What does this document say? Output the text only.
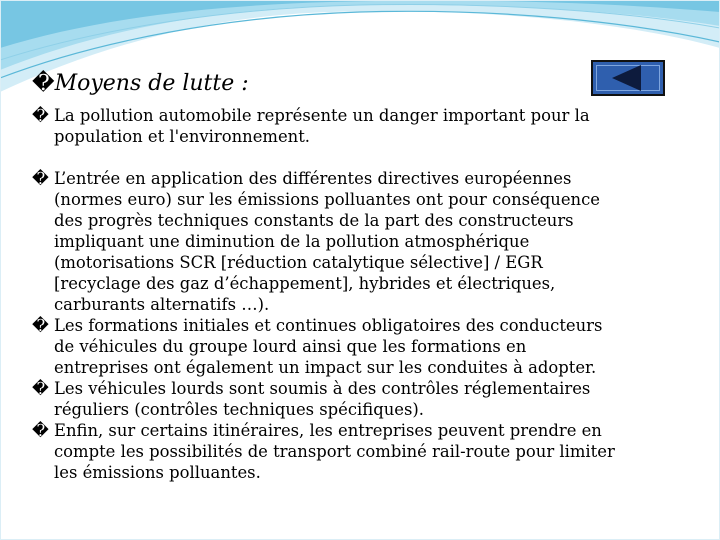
�Moyens de lutte :

� La pollution automobile représente un danger important pour la
population et l'environnement.

� L’entrée en application des différentes directives européennes
(normes euro) sur les émissions polluantes ont pour conséquence
des progrès techniques constants de la part des constructeurs
impliquant une diminution de la pollution atmosphérique
(motorisations SCR [réduction catalytique sélective] / EGR
[recyclage des gaz d’échappement], hybrides et électriques,
carburants alternatifs …).

� Les formations initiales et continues obligatoires des conducteurs
de véhicules du groupe lourd ainsi que les formations en
entreprises ont également un impact sur les conduites à adopter.

� Les véhicules lourds sont soumis à des contrôles réglementaires
réguliers (contrôles techniques spécifiques).

� Enfin, sur certains itinéraires, les entreprises peuvent prendre en
compte les possibilités de transport combiné rail-route pour limiter
les émissions polluantes.
